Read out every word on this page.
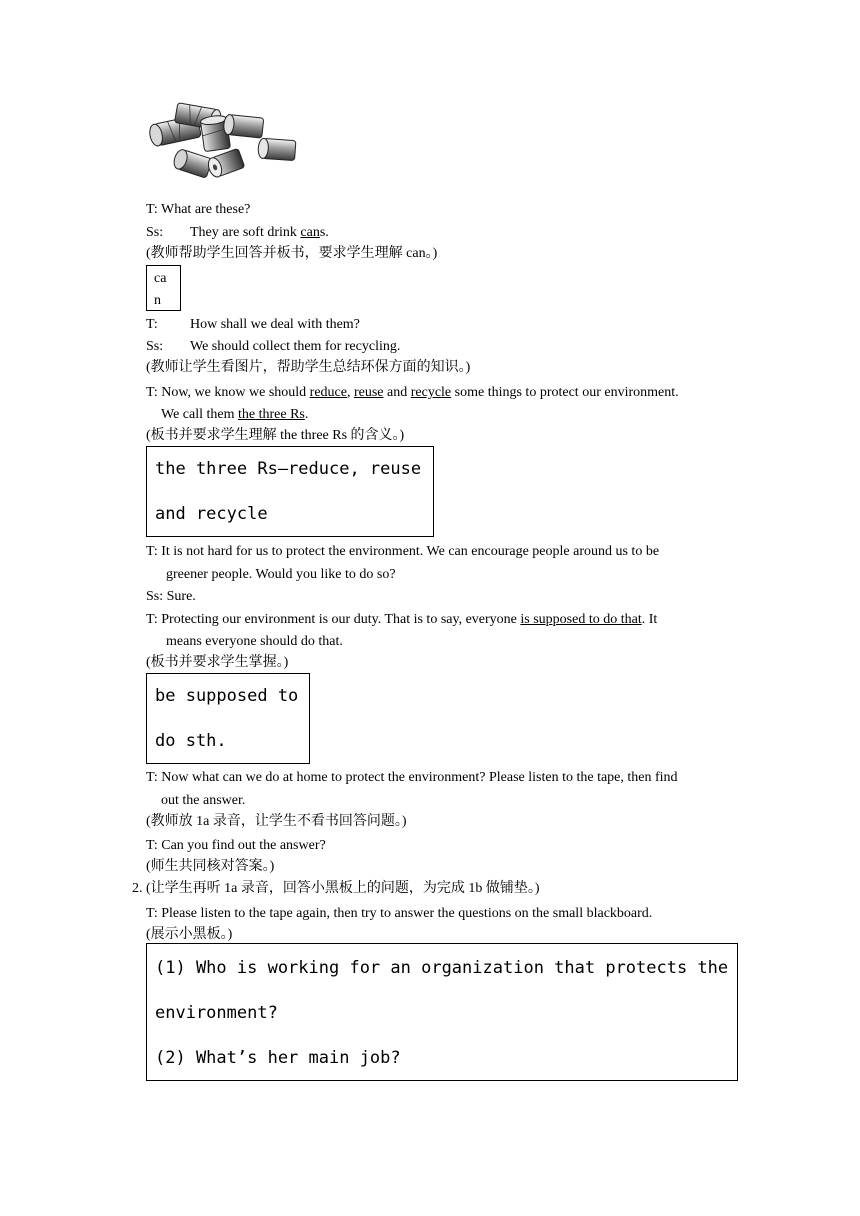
T: What are these?
Ss: They are soft drink cans.
(教师帮助学生回答并板书，要求学生理解 can。)
ca
n
T: How shall we deal with them?
Ss: We should collect them for recycling.
(教师让学生看图片，帮助学生总结环保方面的知识。)
T: Now, we know we should reduce, reuse and recycle some things to protect our environment.
We call them the three Rs.
(板书并要求学生理解 the three Rs 的含义。)
the three Rs—reduce, reuse
and recycle
T: It is not hard for us to protect the environment. We can encourage people around us to be
greener people. Would you like to do so?
Ss: Sure.
T: Protecting our environment is our duty. That is to say, everyone is supposed to do that. It
means everyone should do that.
(板书并要求学生掌握。)
be supposed to
do sth.
T: Now what can we do at home to protect the environment? Please listen to the tape, then find
out the answer.
(教师放 1a 录音，让学生不看书回答问题。)
T: Can you find out the answer?
(师生共同核对答案。)
2. (让学生再听 1a 录音，回答小黑板上的问题，为完成 1b 做铺垫。)
T: Please listen to the tape again, then try to answer the questions on the small blackboard.
(展示小黑板。)
(1) Who is working for an organization that protects the
environment?
(2) What’s her main job?
